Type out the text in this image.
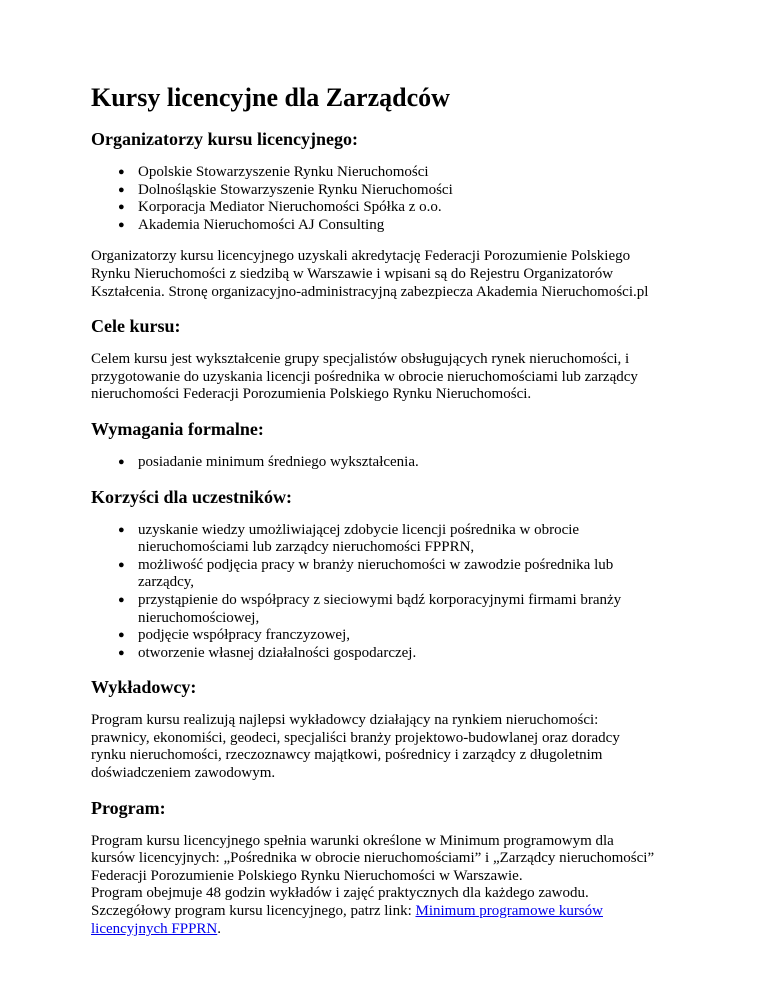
Kursy licencyjne dla Zarządców
Organizatorzy kursu licencyjnego:
● Opolskie Stowarzyszenie Rynku Nieruchomości
● Dolnośląskie Stowarzyszenie Rynku Nieruchomości
● Korporacja Mediator Nieruchomości Spółka z o.o.
● Akademia Nieruchomości AJ Consulting

Organizatorzy kursu licencyjnego uzyskali akredytację Federacji Porozumienie Polskiego
Rynku Nieruchomości z siedzibą w Warszawie i wpisani są do Rejestru Organizatorów
Kształcenia. Stronę organizacyjno-administracyjną zabezpiecza Akademia Nieruchomości.pl

Cele kursu:

Celem kursu jest wykształcenie grupy specjalistów obsługujących rynek nieruchomości, i
przygotowanie do uzyskania licencji pośrednika w obrocie nieruchomościami lub zarządcy
nieruchomości Federacji Porozumienia Polskiego Rynku Nieruchomości.

Wymagania formalne:
● posiadanie minimum średniego wykształcenia.
Korzyści dla uczestników:
● uzyskanie wiedzy umożliwiającej zdobycie licencji pośrednika w obrocie
nieruchomościami lub zarządcy nieruchomości FPPRN,
● możliwość podjęcia pracy w branży nieruchomości w zawodzie pośrednika lub
zarządcy,
● przystąpienie do współpracy z sieciowymi bądź korporacyjnymi firmami branży
nieruchomościowej,
● podjęcie współpracy franczyzowej,
● otworzenie własnej działalności gospodarczej.
Wykładowcy:

Program kursu realizują najlepsi wykładowcy działający na rynkiem nieruchomości:
prawnicy, ekonomiści, geodeci, specjaliści branży projektowo-budowlanej oraz doradcy
rynku nieruchomości, rzeczoznawcy majątkowi, pośrednicy i zarządcy z długoletnim
doświadczeniem zawodowym.

Program:

Program kursu licencyjnego spełnia warunki określone w Minimum programowym dla
kursów licencyjnych: „Pośrednika w obrocie nieruchomościami” i „Zarządcy nieruchomości”
Federacji Porozumienie Polskiego Rynku Nieruchomości w Warszawie.
Program obejmuje 48 godzin wykładów i zajęć praktycznych dla każdego zawodu.
Szczegółowy program kursu licencyjnego, patrz link: Minimum programowe kursów
licencyjnych FPPRN.
